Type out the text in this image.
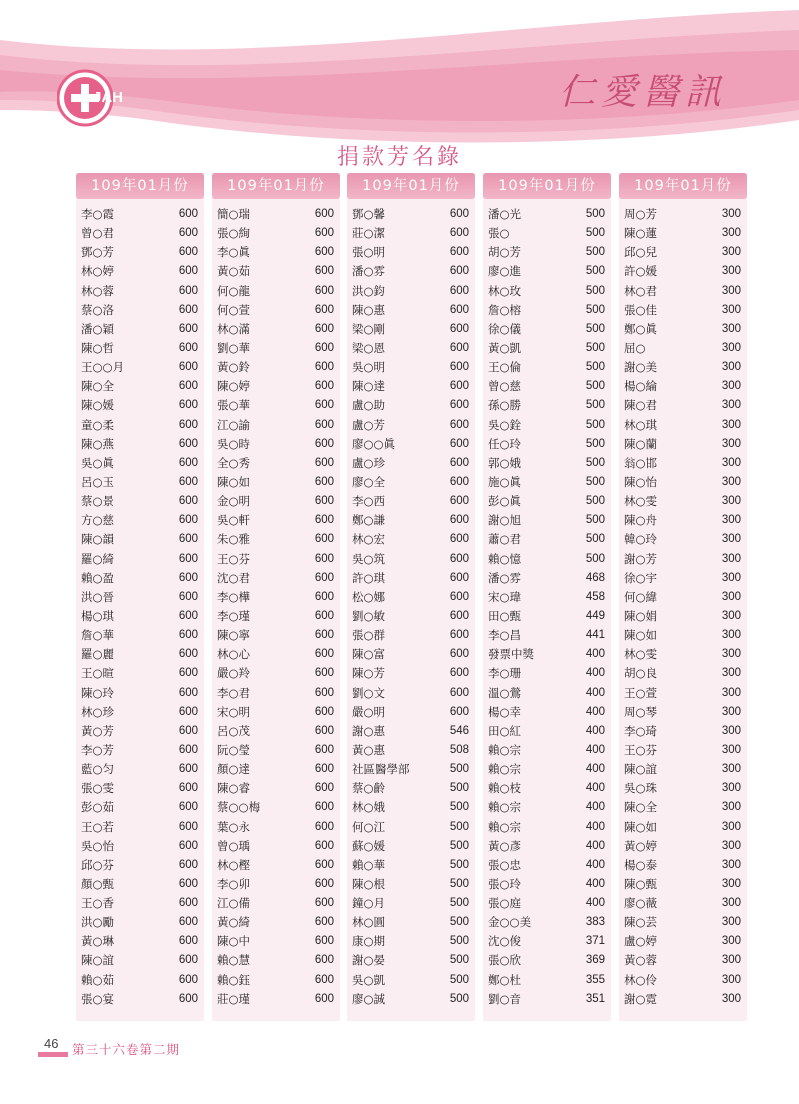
JAH	仁愛醫訊
捐款芳名錄
109年01月份
李○霞	600
曾○君	600
鄧○芳	600
林○婷	600
林○蓉	600
蔡○洛	600
潘○穎	600
陳○哲	600
王○○月	600
陳○全	600
陳○媛	600
童○柔	600
陳○燕	600
吳○眞	600
呂○玉	600
蔡○景	600
方○慈	600
陳○韻	600
羅○綺	600
賴○盈	600
洪○晉	600
楊○琪	600
詹○華	600
羅○麗	600
王○暄	600
陳○玲	600
林○珍	600
黃○芳	600
李○芳	600
藍○匀	600
張○雯	600
彭○茹	600
王○若	600
吳○怡	600
邱○芬	600
顏○甄	600
王○香	600
洪○勵	600
黃○琳	600
陳○誼	600
賴○茹	600
張○宴	600
109年01月份
簡○瑞	600
張○絢	600
李○眞	600
黃○茹	600
何○龍	600
何○萱	600
林○滿	600
劉○華	600
黃○鈴	600
陳○婷	600
張○華	600
江○諭	600
吳○時	600
全○秀	600
陳○如	600
金○明	600
吳○軒	600
朱○雅	600
王○芬	600
沈○君	600
李○樺	600
李○瑾	600
陳○寧	600
林○心	600
嚴○羚	600
李○君	600
宋○明	600
呂○茂	600
阮○瑩	600
顏○達	600
陳○睿	600
蔡○○梅	600
葉○永	600
曾○瑀	600
林○樫	600
李○卯	600
江○備	600
黃○綺	600
陳○中	600
賴○慧	600
賴○鈺	600
莊○瑾	600
109年01月份
鄧○馨	600
莊○潔	600
張○明	600
潘○雰	600
洪○鈞	600
陳○惠	600
梁○剛	600
梁○恩	600
吳○明	600
陳○達	600
盧○助	600
盧○芳	600
廖○○眞	600
盧○珍	600
廖○全	600
李○西	600
鄭○謙	600
林○宏	600
吳○筑	600
許○琪	600
松○娜	600
劉○敏	600
張○群	600
陳○富	600
陳○芳	600
劉○文	600
嚴○明	600
謝○惠	546
黃○惠	508
社區醫學部	500
蔡○齡	500
林○娥	500
何○江	500
蘇○媛	500
賴○華	500
陳○根	500
鐘○月	500
林○圓	500
康○期	500
謝○晏	500
吳○凱	500
廖○誠	500
109年01月份
潘○光	500
張○	500
胡○芳	500
廖○進	500
林○玫	500
詹○榕	500
徐○儀	500
黃○凱	500
王○倫	500
曾○慈	500
孫○勝	500
吳○銓	500
任○玲	500
郭○娥	500
施○眞	500
彭○眞	500
謝○旭	500
蕭○君	500
賴○憶	500
潘○雰	468
宋○瑋	458
田○甄	449
李○昌	441
發票中獎	400
李○珊	400
溫○鶯	400
楊○幸	400
田○紅	400
賴○宗	400
賴○宗	400
賴○枝	400
賴○宗	400
賴○宗	400
黃○彥	400
張○忠	400
張○玲	400
張○庭	400
金○○美	383
沈○俊	371
張○欣	369
鄭○杜	355
劉○音	351
109年01月份
周○芳	300
陳○蓮	300
邱○兒	300
許○媛	300
林○君	300
張○佳	300
鄭○眞	300
屈○	300
謝○美	300
楊○綸	300
陳○君	300
林○琪	300
陳○蘭	300
翁○邯	300
陳○怡	300
林○雯	300
陳○舟	300
韓○玲	300
謝○芳	300
徐○宇	300
何○緯	300
陳○娟	300
陳○如	300
林○雯	300
胡○良	300
王○萱	300
周○琴	300
李○琦	300
王○芬	300
陳○誼	300
吳○珠	300
陳○全	300
陳○如	300
黃○婷	300
楊○泰	300
陳○甄	300
廖○薇	300
陳○芸	300
盧○婷	300
黃○蓉	300
林○伶	300
謝○霓	300
46 第三十六卷第二期
